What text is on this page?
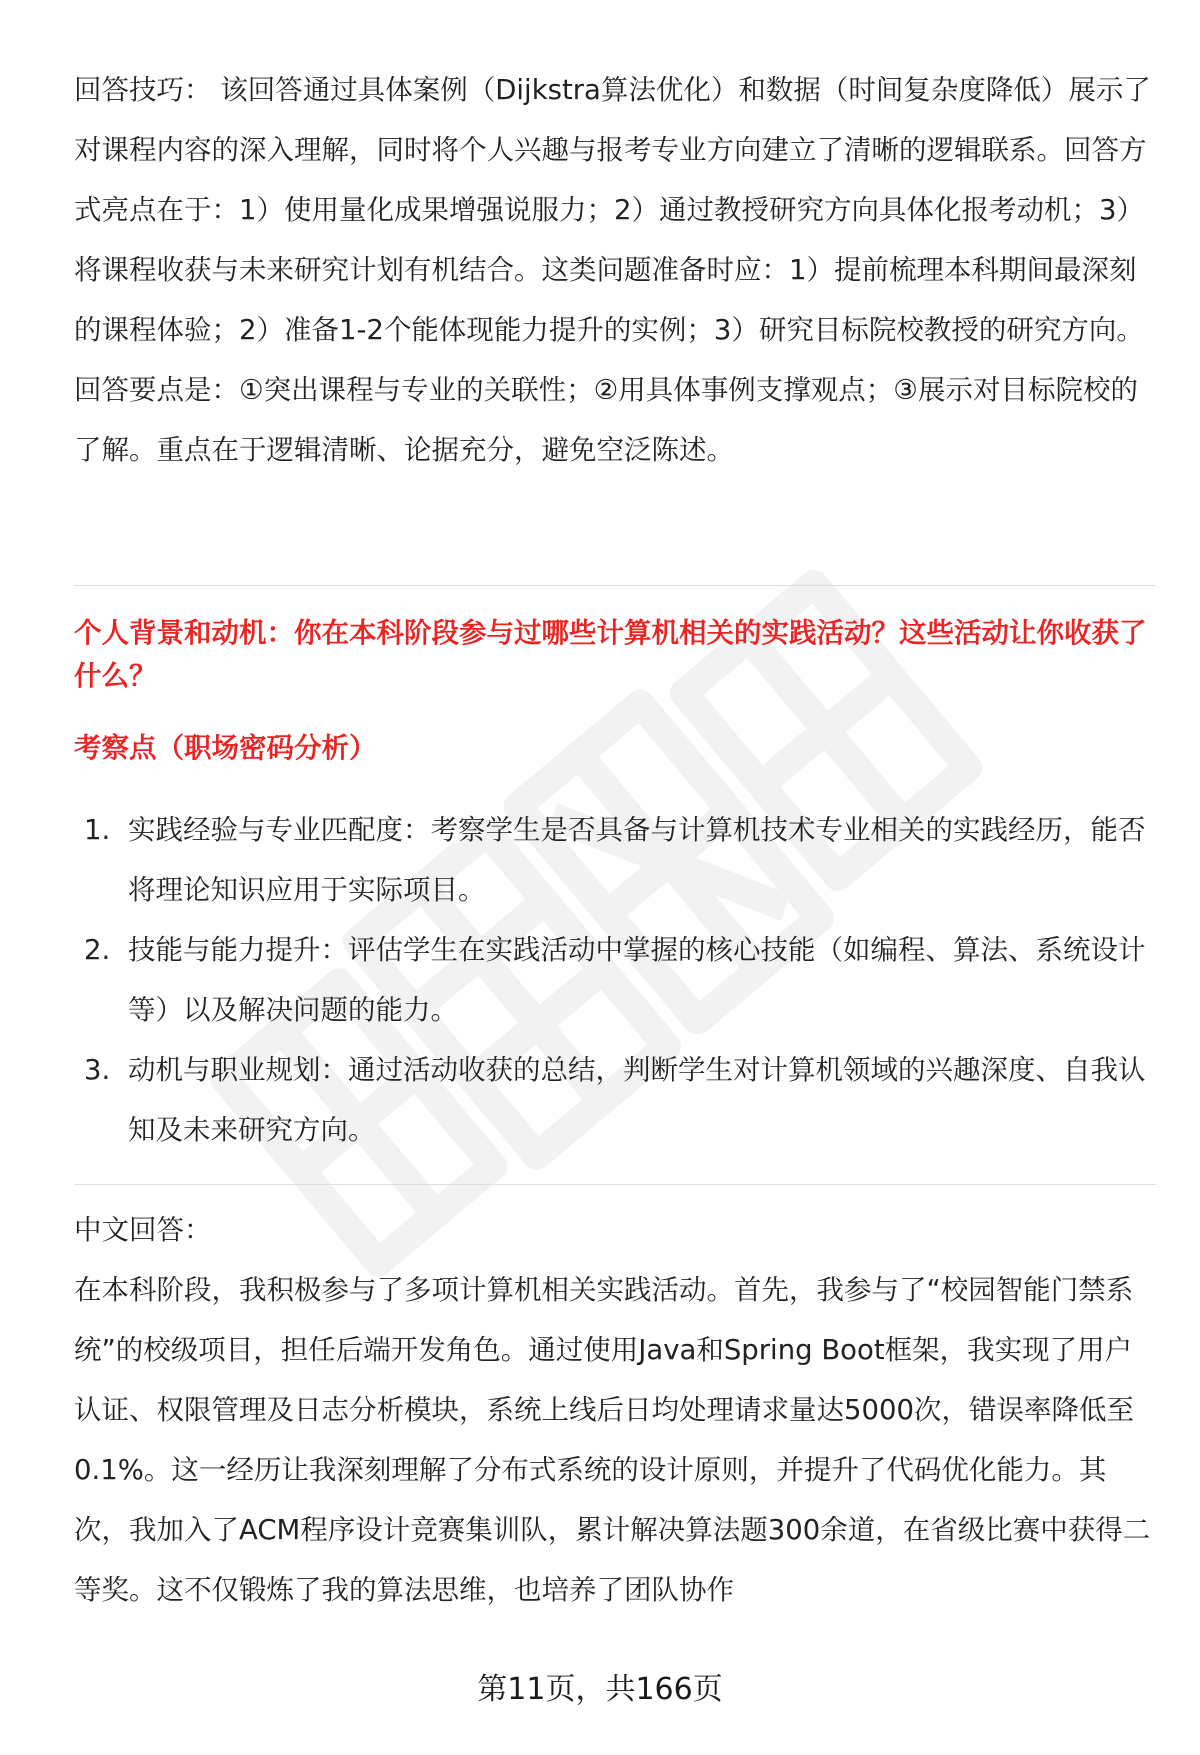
回答技巧： 该回答通过具体案例（Dijkstra算法优化）和数据（时间复杂度降低）展示了对课程内容的深入理解，同时将个人兴趣与报考专业方向建立了清晰的逻辑联系。回答方式亮点在于：1）使用量化成果增强说服力；2）通过教授研究方向具体化报考动机；3）将课程收获与未来研究计划有机结合。这类问题准备时应：1）提前梳理本科期间最深刻的课程体验；2）准备1-2个能体现能力提升的实例；3）研究目标院校教授的研究方向。回答要点是：①突出课程与专业的关联性；②用具体事例支撑观点；③展示对目标院校的了解。重点在于逻辑清晰、论据充分，避免空泛陈述。

个人背景和动机：你在本科阶段参与过哪些计算机相关的实践活动？这些活动让你收获了什么？

考察点（职场密码分析）

1. 实践经验与专业匹配度：考察学生是否具备与计算机技术专业相关的实践经历，能否将理论知识应用于实际项目。
2. 技能与能力提升：评估学生在实践活动中掌握的核心技能（如编程、算法、系统设计等）以及解决问题的能力。
3. 动机与职业规划：通过活动收获的总结，判断学生对计算机领域的兴趣深度、自我认知及未来研究方向。

中文回答：

在本科阶段，我积极参与了多项计算机相关实践活动。首先，我参与了“校园智能门禁系统”的校级项目，担任后端开发角色。通过使用Java和Spring Boot框架，我实现了用户认证、权限管理及日志分析模块，系统上线后日均处理请求量达5000次，错误率降低至0.1%。这一经历让我深刻理解了分布式系统的设计原则，并提升了代码优化能力。其次，我加入了ACM程序设计竞赛集训队，累计解决算法题300余道，在省级比赛中获得二等奖。这不仅锻炼了我的算法思维，也培养了团队协作

第11页，共166页
